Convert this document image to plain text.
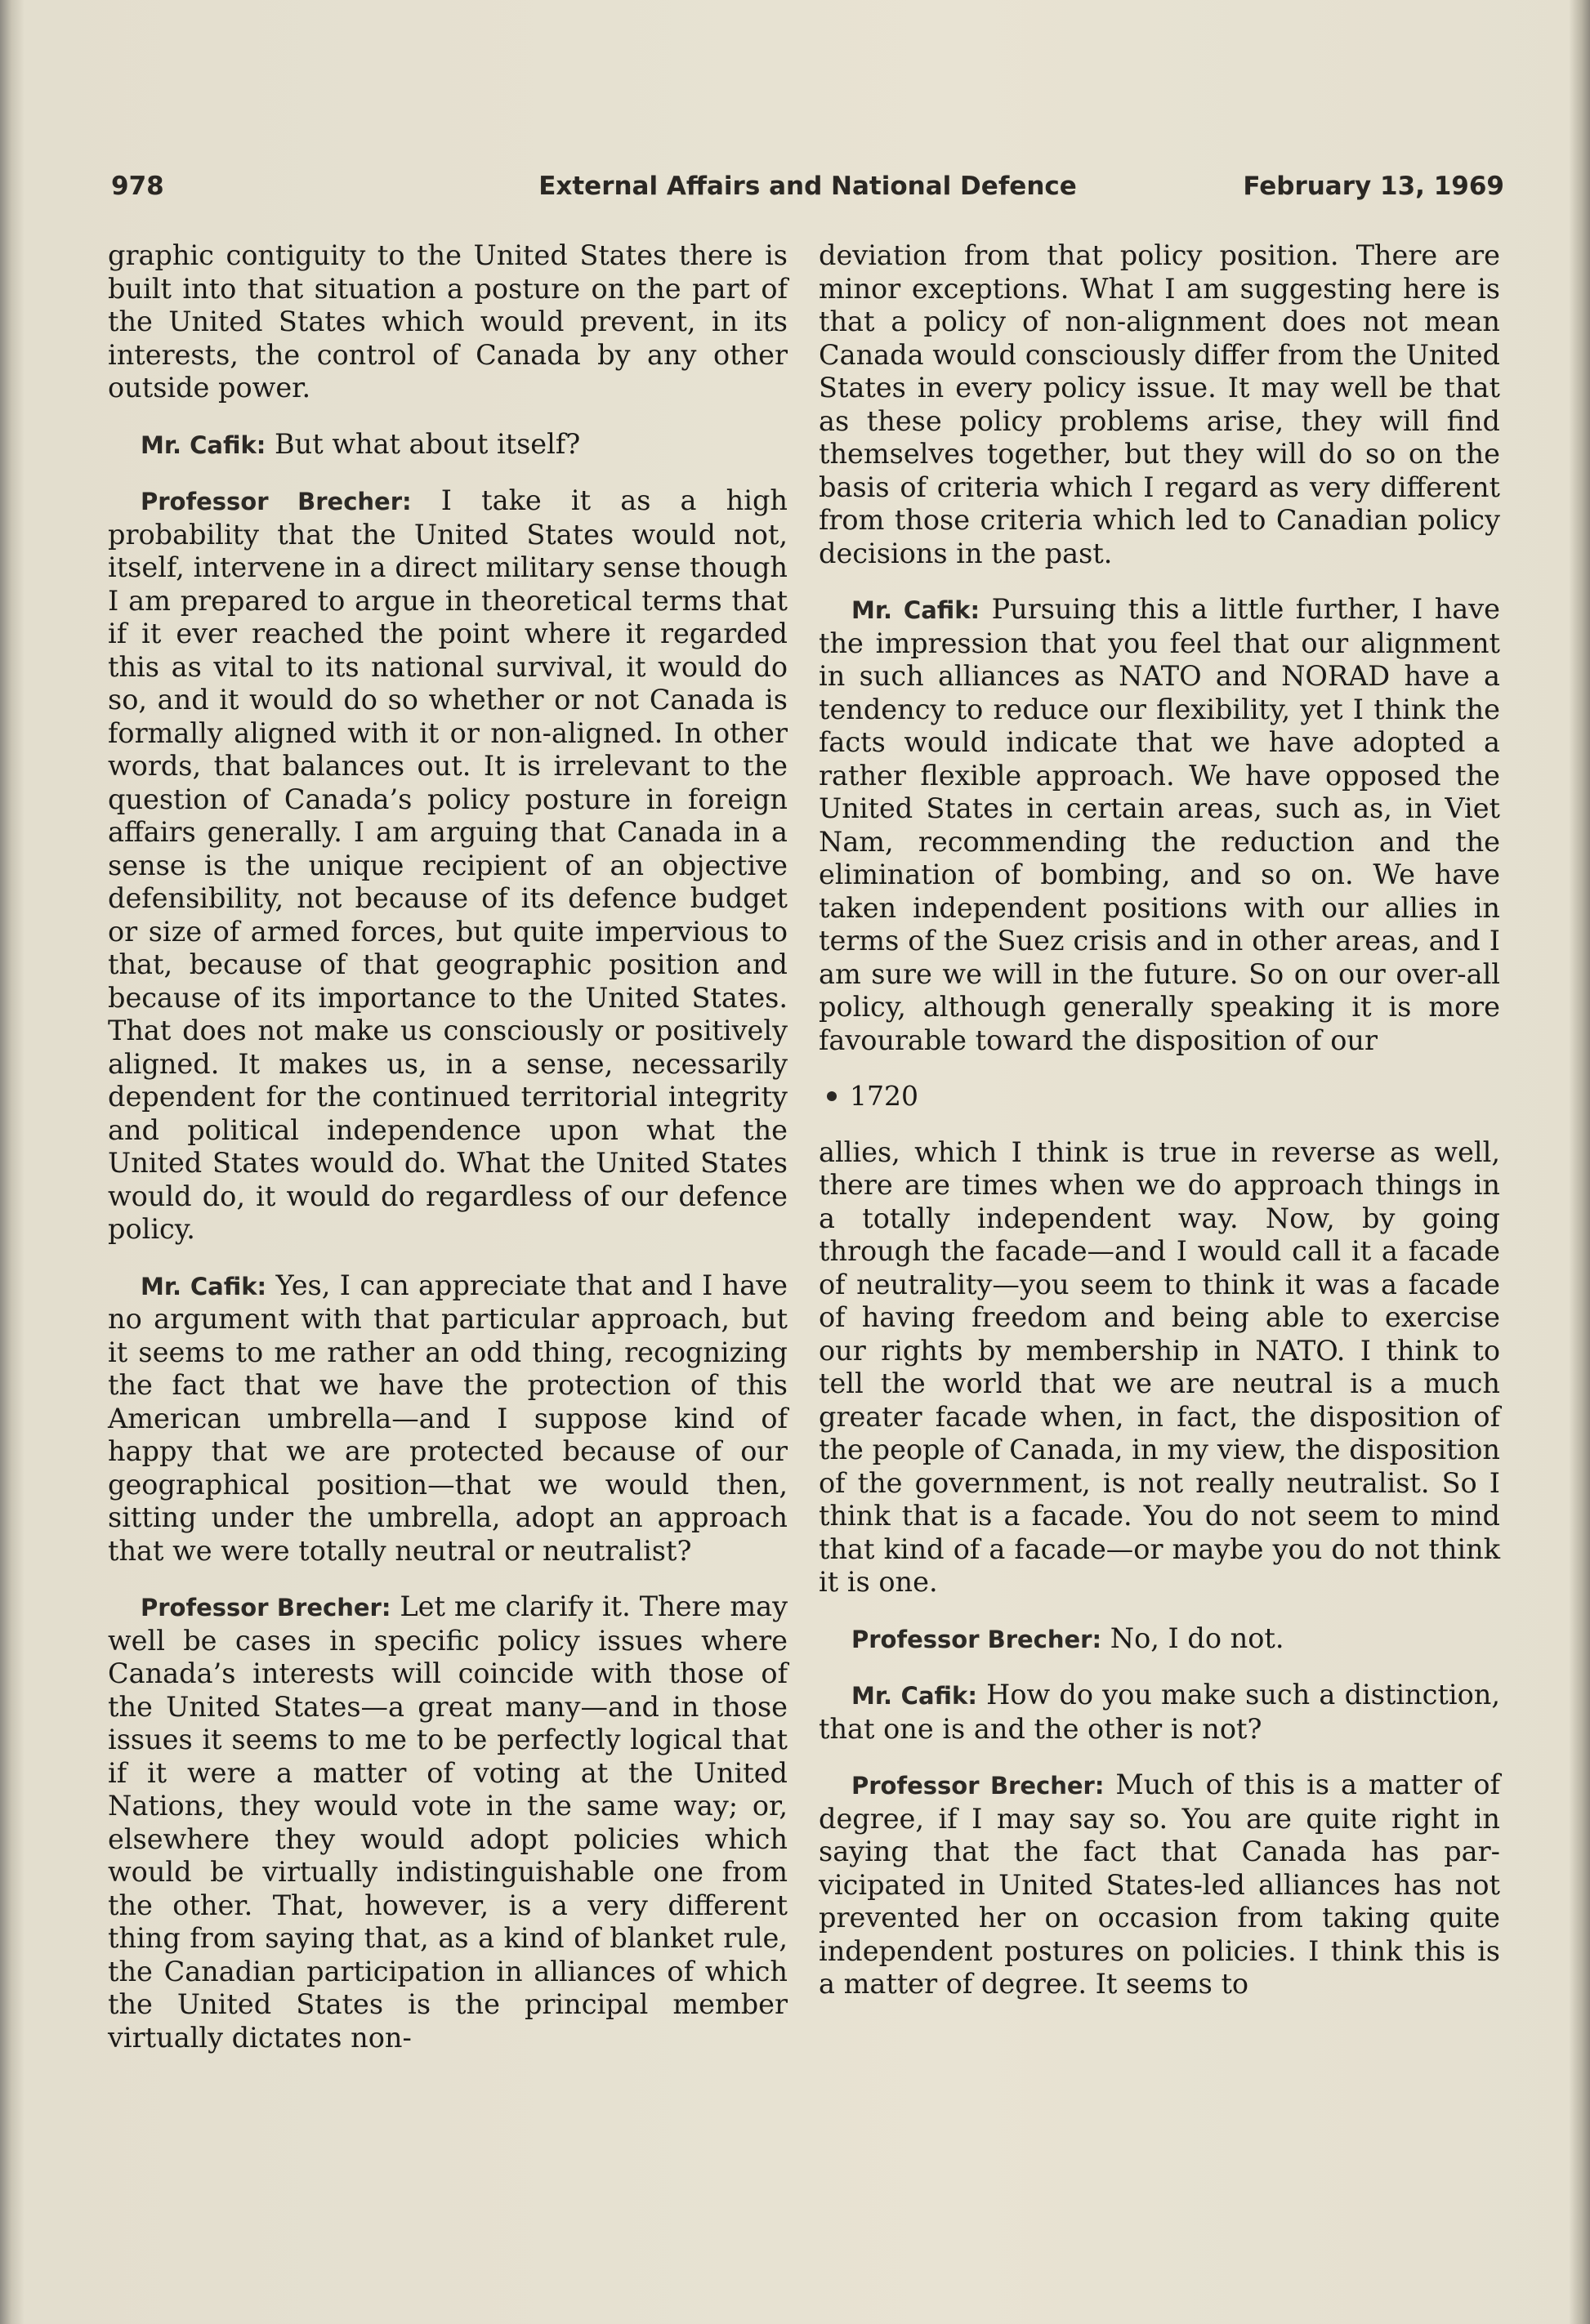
978	External Affairs and National Defence	February 13, 1969

graphic contiguity to the United States there is built into that situation a posture on the part of the United States which would prevent, in its interests, the control of Canada by any other outside power.

Mr. Cafik: But what about itself?

Professor Brecher: I take it as a high probability that the United States would not, itself, intervene in a direct military sense though I am prepared to argue in theoretical terms that if it ever reached the point where it regarded this as vital to its national survival, it would do so, and it would do so whether or not Canada is formally aligned with it or non-aligned. In other words, that balances out. It is irrelevant to the question of Canada’s policy posture in foreign affairs generally. I am arguing that Canada in a sense is the unique recipient of an objective defensibility, not because of its defence budget or size of armed forces, but quite impervious to that, because of that geographic position and because of its importance to the United States. That does not make us consciously or positively aligned. It makes us, in a sense, necessarily dependent for the continued territorial integrity and political independence upon what the United States would do. What the United States would do, it would do regardless of our defence policy.

Mr. Cafik: Yes, I can appreciate that and I have no argument with that particular approach, but it seems to me rather an odd thing, recognizing the fact that we have the protection of this American umbrella—and I suppose kind of happy that we are protected because of our geographical position—that we would then, sitting under the umbrella, adopt an approach that we were totally neutral or neutralist?

Professor Brecher: Let me clarify it. There may well be cases in specific policy issues where Canada’s interests will coincide with those of the United States—a great many—and in those issues it seems to me to be perfectly logical that if it were a matter of voting at the United Nations, they would vote in the same way; or, elsewhere they would adopt policies which would be virtually indistinguishable one from the other. That, however, is a very different thing from saying that, as a kind of blanket rule, the Canadian participation in alliances of which the United States is the principal member virtually dictates non-

deviation from that policy position. There are minor exceptions. What I am suggesting here is that a policy of non-alignment does not mean Canada would consciously differ from the United States in every policy issue. It may well be that as these policy problems arise, they will find themselves together, but they will do so on the basis of criteria which I regard as very different from those criteria which led to Canadian policy decisions in the past.

Mr. Cafik: Pursuing this a little further, I have the impression that you feel that our alignment in such alliances as NATO and NORAD have a tendency to reduce our flexibility, yet I think the facts would indicate that we have adopted a rather flexible approach. We have opposed the United States in certain areas, such as, in Viet Nam, recommending the reduction and the elimination of bombing, and so on. We have taken independent positions with our allies in terms of the Suez crisis and in other areas, and I am sure we will in the future. So on our over-all policy, although generally speaking it is more favourable toward the disposition of our

1720

allies, which I think is true in reverse as well, there are times when we do approach things in a totally independent way. Now, by going through the facade—and I would call it a facade of neutrality—you seem to think it was a facade of having freedom and being able to exercise our rights by membership in NATO. I think to tell the world that we are neutral is a much greater facade when, in fact, the disposition of the people of Canada, in my view, the disposition of the government, is not really neutralist. So I think that is a facade. You do not seem to mind that kind of a facade—or maybe you do not think it is one.

Professor Brecher: No, I do not.

Mr. Cafik: How do you make such a distinction, that one is and the other is not?

Professor Brecher: Much of this is a matter of degree, if I may say so. You are quite right in saying that the fact that Canada has parvicipated in United States-led alliances has not prevented her on occasion from taking quite independent postures on policies. I think this is a matter of degree. It seems to
